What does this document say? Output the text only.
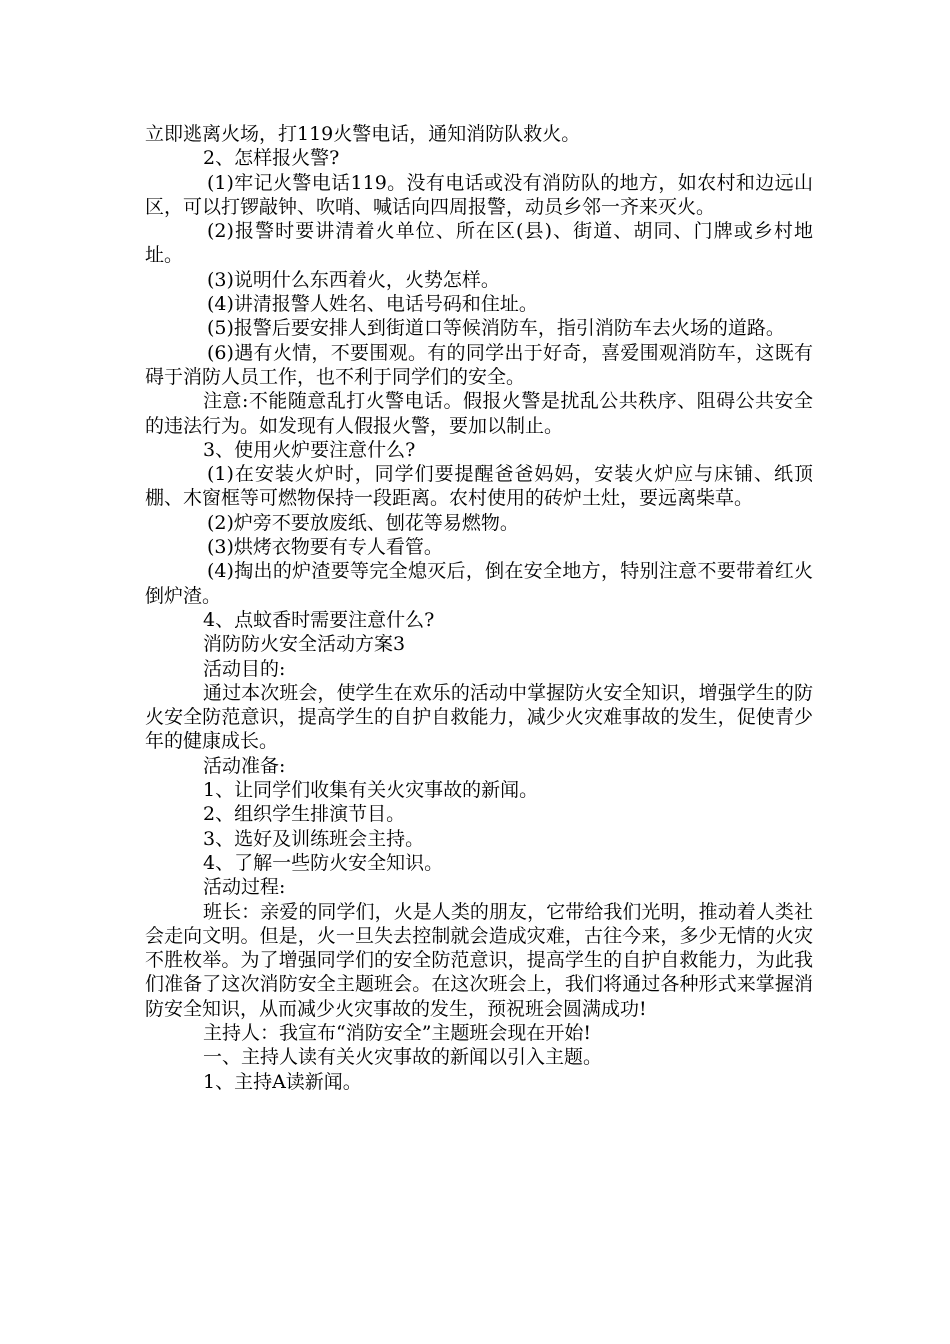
立即逃离火场，打119火警电话，通知消防队救火。

2、怎样报火警?

(1)牢记火警电话119。没有电话或没有消防队的地方，如农村和边远山区，可以打锣敲钟、吹哨、喊话向四周报警，动员乡邻一齐来灭火。

(2)报警时要讲清着火单位、所在区(县)、街道、胡同、门牌或乡村地址。

(3)说明什么东西着火，火势怎样。

(4)讲清报警人姓名、电话号码和住址。

(5)报警后要安排人到街道口等候消防车，指引消防车去火场的道路。

(6)遇有火情，不要围观。有的同学出于好奇，喜爱围观消防车，这既有碍于消防人员工作，也不利于同学们的安全。

注意:不能随意乱打火警电话。假报火警是扰乱公共秩序、阻碍公共安全的违法行为。如发现有人假报火警，要加以制止。

3、使用火炉要注意什么?

(1)在安装火炉时，同学们要提醒爸爸妈妈，安装火炉应与床铺、纸顶棚、木窗框等可燃物保持一段距离。农村使用的砖炉土灶，要远离柴草。

(2)炉旁不要放废纸、刨花等易燃物。

(3)烘烤衣物要有专人看管。

(4)掏出的炉渣要等完全熄灭后，倒在安全地方，特别注意不要带着红火倒炉渣。

4、点蚊香时需要注意什么?

消防防火安全活动方案3

活动目的:

通过本次班会，使学生在欢乐的活动中掌握防火安全知识，增强学生的防火安全防范意识，提高学生的自护自救能力，减少火灾难事故的发生，促使青少年的健康成长。

活动准备:

1、让同学们收集有关火灾事故的新闻。

2、组织学生排演节目。

3、选好及训练班会主持。

4、了解一些防火安全知识。

活动过程:

班长：亲爱的同学们，火是人类的朋友，它带给我们光明，推动着人类社会走向文明。但是，火一旦失去控制就会造成灾难，古往今来，多少无情的火灾不胜枚举。为了增强同学们的安全防范意识，提高学生的自护自救能力，为此我们准备了这次消防安全主题班会。在这次班会上，我们将通过各种形式来掌握消防安全知识，从而减少火灾事故的发生，预祝班会圆满成功!

主持人：我宣布“消防安全”主题班会现在开始!

一、主持人读有关火灾事故的新闻以引入主题。

1、主持A读新闻。
